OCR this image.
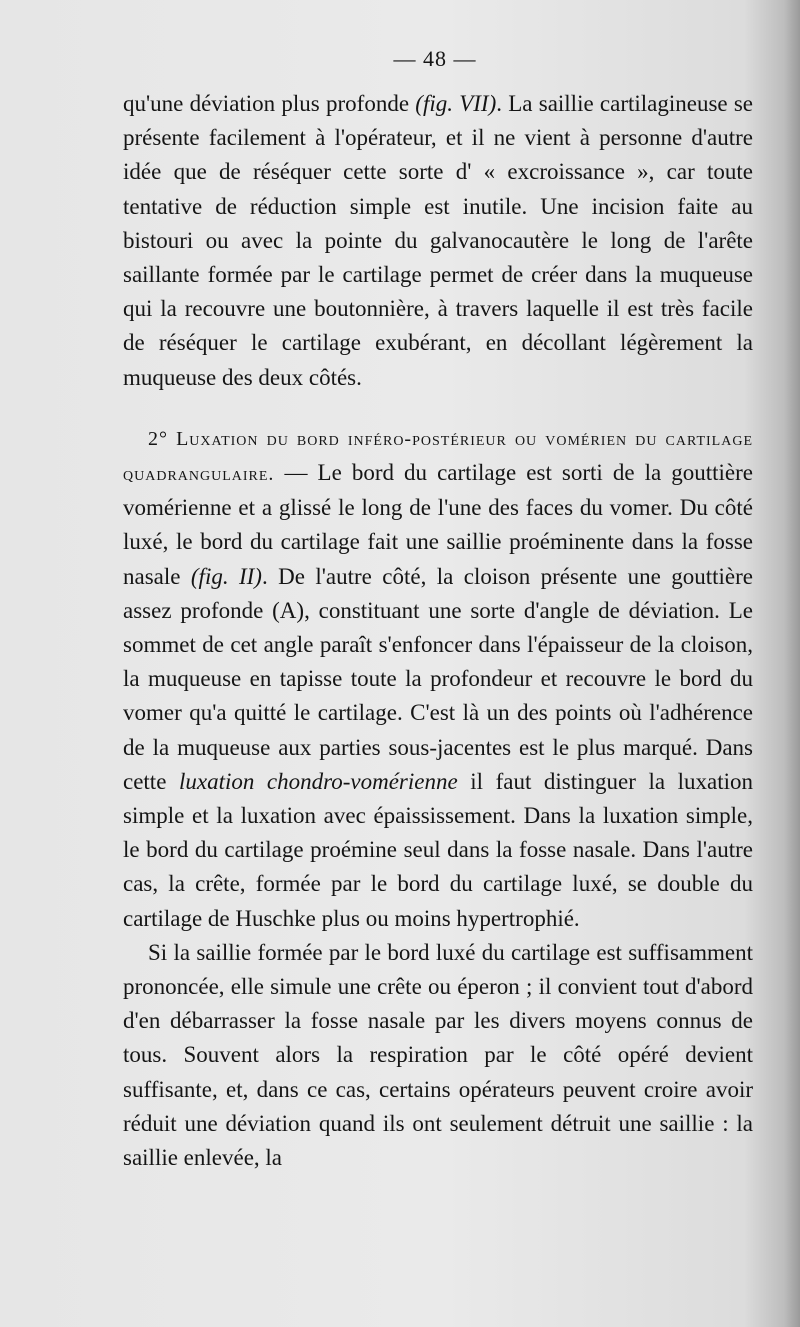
— 48 —

qu'une déviation plus profonde (fig. VII). La saillie cartilagineuse se présente facilement à l'opérateur, et il ne vient à personne d'autre idée que de réséquer cette sorte d' « excroissance », car toute tentative de réduction simple est inutile. Une incision faite au bistouri ou avec la pointe du galvanocautère le long de l'arête saillante formée par le cartilage permet de créer dans la muqueuse qui la recouvre une boutonnière, à travers laquelle il est très facile de réséquer le cartilage exubérant, en décollant légèrement la muqueuse des deux côtés.

2° Luxation du bord inféro-postérieur ou vomérien du cartilage quadrangulaire. — Le bord du cartilage est sorti de la gouttière vomérienne et a glissé le long de l'une des faces du vomer. Du côté luxé, le bord du cartilage fait une saillie proéminente dans la fosse nasale (fig. II). De l'autre côté, la cloison présente une gouttière assez profonde (A), constituant une sorte d'angle de déviation. Le sommet de cet angle paraît s'enfoncer dans l'épaisseur de la cloison, la muqueuse en tapisse toute la profondeur et recouvre le bord du vomer qu'a quitté le cartilage. C'est là un des points où l'adhérence de la muqueuse aux parties sous-jacentes est le plus marqué. Dans cette luxation chondro-vomérienne il faut distinguer la luxation simple et la luxation avec épaississement. Dans la luxation simple, le bord du cartilage proémine seul dans la fosse nasale. Dans l'autre cas, la crête, formée par le bord du cartilage luxé, se double du cartilage de Huschke plus ou moins hypertrophié.

Si la saillie formée par le bord luxé du cartilage est suffisamment prononcée, elle simule une crête ou éperon ; il convient tout d'abord d'en débarrasser la fosse nasale par les divers moyens connus de tous. Souvent alors la respiration par le côté opéré devient suffisante, et, dans ce cas, certains opérateurs peuvent croire avoir réduit une déviation quand ils ont seulement détruit une saillie : la saillie enlevée, la
